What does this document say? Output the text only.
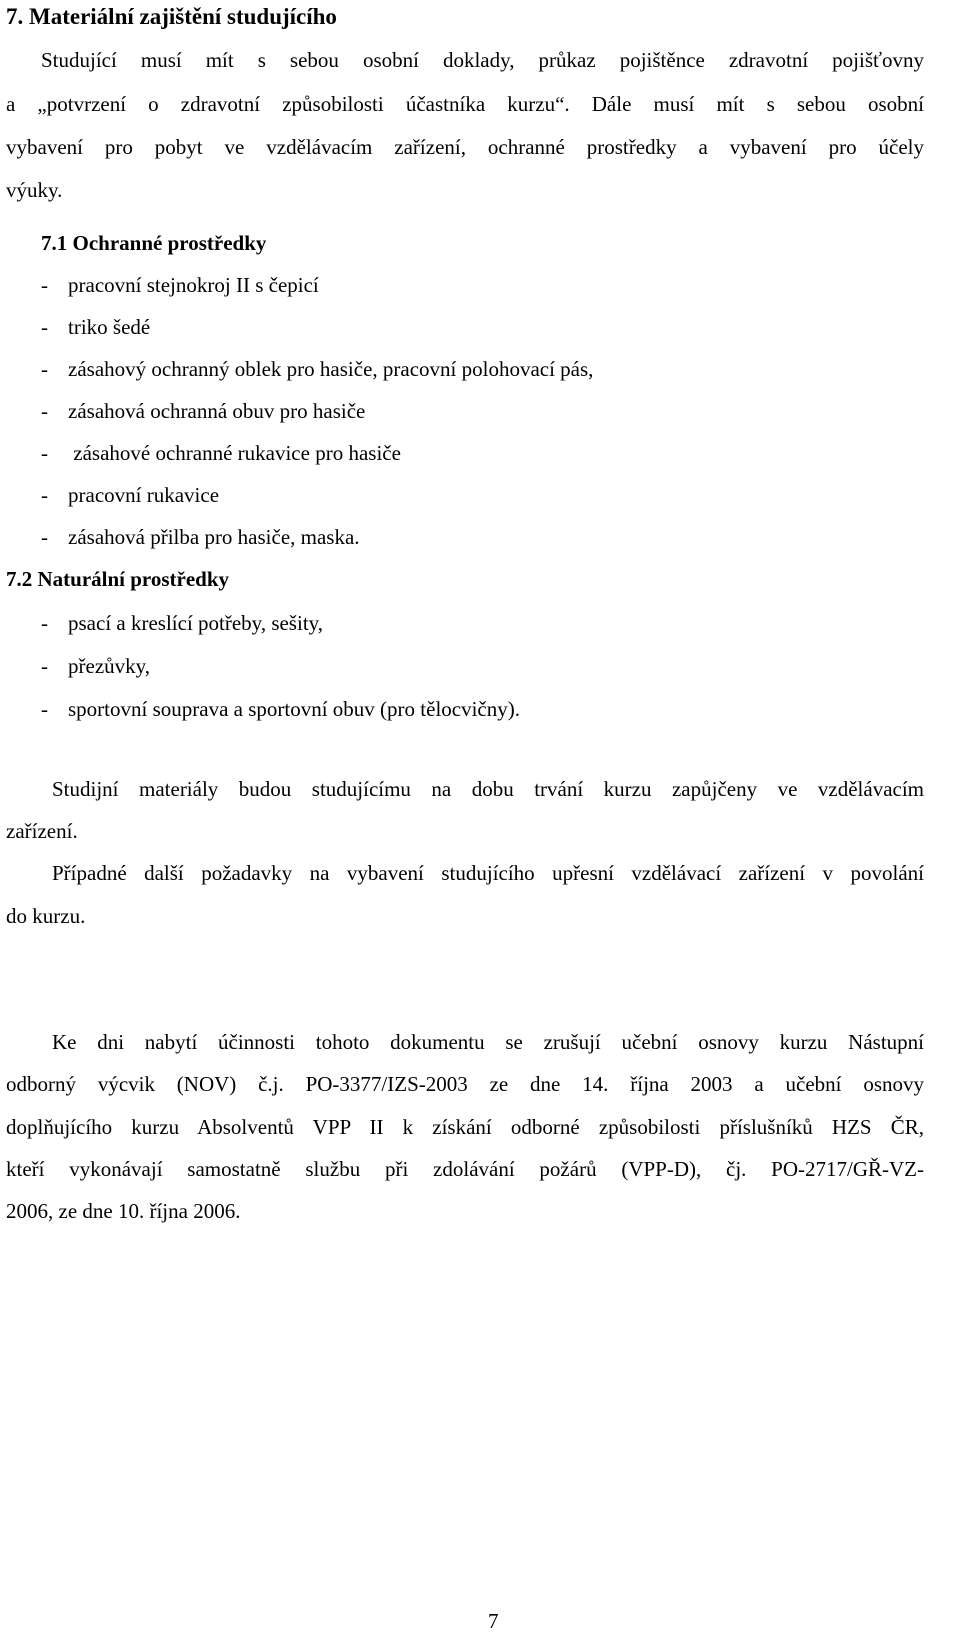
7. Materiální zajištění studujícího
Studující musí mít s sebou osobní doklady, průkaz pojištěnce zdravotní pojišťovny
a „potvrzení o zdravotní způsobilosti účastníka kurzu“. Dále musí mít s sebou osobní
vybavení pro pobyt ve vzdělávacím zařízení, ochranné prostředky a vybavení pro účely
výuky.
7.1 Ochranné prostředky
- pracovní stejnokroj II s čepicí
- triko šedé
- zásahový ochranný oblek pro hasiče, pracovní polohovací pás,
- zásahová ochranná obuv pro hasiče
- zásahové ochranné rukavice pro hasiče
- pracovní rukavice
- zásahová přilba pro hasiče, maska.
7.2 Naturální prostředky
- psací a kreslící potřeby, sešity,
- přezůvky,
- sportovní souprava a sportovní obuv (pro tělocvičny).
Studijní materiály budou studujícímu na dobu trvání kurzu zapůjčeny ve vzdělávacím
zařízení.
Případné další požadavky na vybavení studujícího upřesní vzdělávací zařízení v povolání
do kurzu.
Ke dni nabytí účinnosti tohoto dokumentu se zrušují učební osnovy kurzu Nástupní
odborný výcvik (NOV) č.j. PO-3377/IZS-2003 ze dne 14. října 2003 a učební osnovy
doplňujícího kurzu Absolventů VPP II k získání odborné způsobilosti příslušníků HZS ČR,
kteří vykonávají samostatně službu při zdolávání požárů (VPP-D), čj. PO-2717/GŘ-VZ-
2006, ze dne 10. října 2006.
7
